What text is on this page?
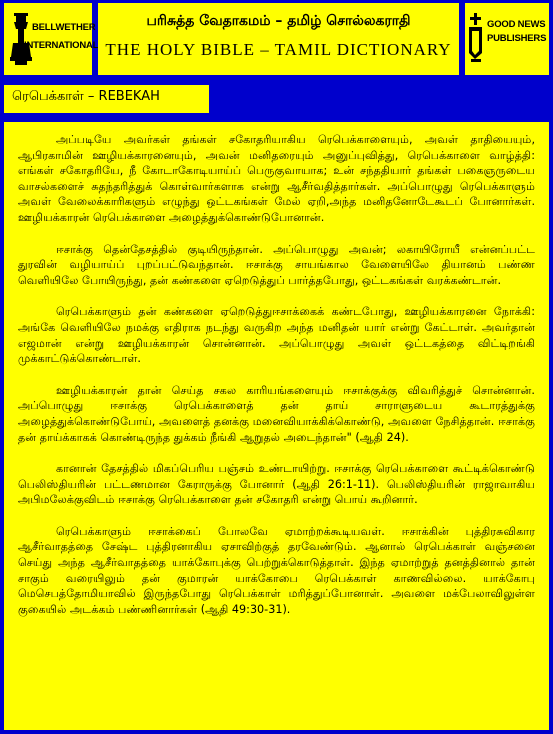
BELLWETHER
INTERNATIONAL
பரிசுத்த வேதாகமம் – தமிழ் சொல்லகராதி
THE HOLY BIBLE – TAMIL DICTIONARY
GOOD NEWS
PUBLISHERS
ரெபெக்காள் – REBEKAH

அப்படியே அவர்கள் தங்கள் சகோதரியாகிய ரெபெக்காளையும், அவள் தாதியையும், ஆபிரகாமின் ஊழியக்காரனையும், அவன் மனிதரையும் அனுப்புவித்து, ரெபெக்காளை வாழ்த்தி: எங்கள் சகோதரியே, நீ கோடாகோடியாய்ப் பெருகுவாயாக; உன் சந்ததியார் தங்கள் பகைஞருடைய வாசல்களைச் சுதந்தரித்துக் கொள்வார்களாக என்று ஆசீர்வதித்தார்கள். அப்பொழுது ரெபெக்காளும் அவள் வேலைக்காரிகளும் எழுந்து ஒட்டகங்கள் மேல் ஏறி,அந்த மனிதனோடேகூடப் போனார்கள். ஊழியக்காரன் ரெபெக்காளை அழைத்துக்கொண்டுபோனான்.

ஈசாக்கு தென்தேசத்தில் குடியிருந்தான். அப்பொழுது அவன்; லகாயிரோயீ என்னப்பட்ட துரவின் வழியாய்ப் புறப்பட்டுவந்தான். ஈசாக்கு சாயங்கால வேளையிலே தியானம் பண்ண வெளியிலே போயிருந்து, தன் கண்களை ஏறெடுத்துப் பார்த்தபோது, ஒட்டகங்கள் வரக்கண்டான்.

ரெபெக்காளும் தன் கண்களை ஏறெடுத்துஈசாக்கைக் கண்டபோது, ஊழியக்காரனை நோக்கி: அங்கே வெளியிலே நமக்கு எதிராக நடந்து வருகிற அந்த மனிதன் யார் என்று கேட்டாள். அவர்தான் எஜமான் என்று ஊழியக்காரன் சொன்னான். அப்பொழுது அவள் ஒட்டகத்தை விட்டிறங்கி முக்காட்டுக்கொண்டாள்.

ஊழியக்காரன் தான் செய்த சகல காரியங்களையும் ஈசாக்குக்கு விவரித்துச் சொன்னான். அப்பொழுது ஈசாக்கு ரெபெக்காளைத் தன் தாய் சாராளுடைய கூடாரத்துக்கு அழைத்துக்கொண்டுபோய், அவளைத் தனக்கு மனைவியாக்கிக்கொண்டு, அவளை நேசித்தான். ஈசாக்கு தன் தாய்க்காகக் கொண்டிருந்த துக்கம் நீங்கி ஆறுதல் அடைந்தான்" (ஆதி 24).

கானான் தேசத்தில் மிகப்பெரிய பஞ்சம் உண்டாயிற்று. ஈசாக்கு ரெபெக்காளை கூட்டிக்கொண்டு பெலிஸ்தியரின் பட்டணமான கேராருக்கு போனார் (ஆதி 26:1-11). பெலிஸ்தியரின் ராஜாவாகிய அபிமலேக்குவிடம் ஈசாக்கு ரெபெக்காளை தன் சகோதரி என்று பொய் கூறினார்.

ரெபெக்காளும் ஈசாக்கைப் போலவே ஏமாற்றக்கூடியவள். ஈசாக்கின் புத்திரசுவிகார ஆசீர்வாதத்தை சேஷ்ட புத்திரனாகிய ஏசாவிற்குத் தரவேண்டும். ஆனால் ரெபெக்காள் வஞ்சனை செய்து அந்த ஆசீர்வாதத்தை யாக்கோபுக்கு பெற்றுக்கொடுத்தாள். இந்த ஏமாற்றுத் தனத்தினால் தான் சாகும் வரையிலும் தன் குமாரன் யாக்கோபை ரெபெக்காள் காணவில்லை. யாக்கோபு மெசெபத்தோமியாவில் இருந்தபோது ரெபெக்காள் மரித்துப்போனாள். அவளை மக்பேலாவிலுள்ள குகையில் அடக்கம் பண்ணினார்கள் (ஆதி 49:30-31).
